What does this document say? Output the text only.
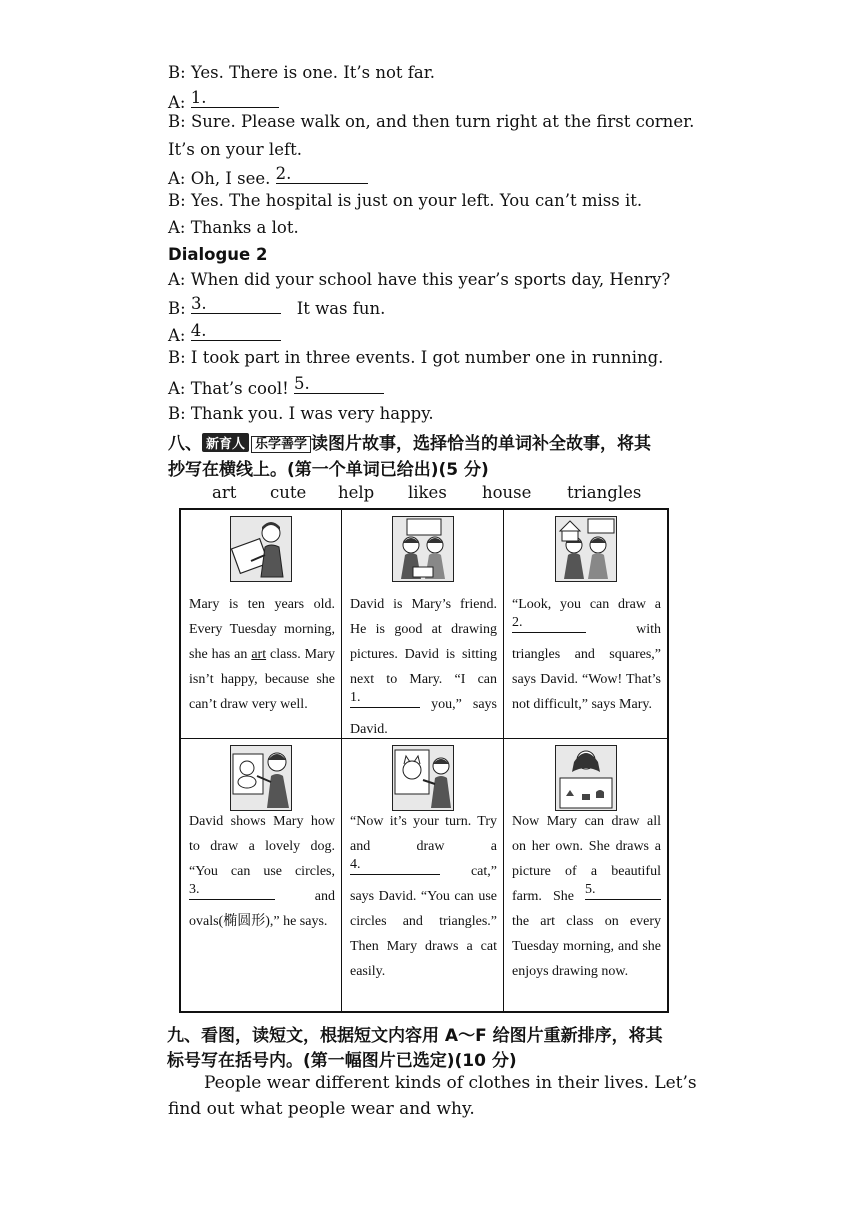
B: Yes. There is one. It’s not far.
A: 1.
B: Sure. Please walk on, and then turn right at the first corner.
It’s on your left.
A: Oh, I see. 2.
B: Yes. The hospital is just on your left. You can’t miss it.
A: Thanks a lot.
Dialogue 2
A: When did your school have this year’s sports day, Henry?
B: 3.	It was fun.
A: 4.
B: I took part in three events. I got number one in running.
A: That’s cool! 5.
B: Thank you. I was very happy.
八、 新育人 乐学善学 读图片故事，选择恰当的单词补全故事，将其
抄写在横线上。(第一个单词已给出)(5 分)
art cute help likes house triangles
Mary is ten years old. Every Tuesday morning, she has an art class. Mary isn’t happy, because she can’t draw very well.
David is Mary’s friend. He is good at drawing pictures. David is sitting next to Mary. “I can
1.	you,” says David.
“Look, you can draw a
2.	with triangles and squares,” says David. “Wow! That’s not difficult,” says Mary.
David shows Mary how to draw a lovely dog. “You can use circles,
3.	and ovals(椭圆形),” he says.
“Now it’s your turn. Try and draw a
4.	cat,” says David. “You can use circles and triangles.” Then Mary draws a cat easily.
Now Mary can draw all on her own. She draws a picture of a beautiful farm. She 5.
the art class on every Tuesday morning, and she enjoys drawing now.
九、看图，读短文，根据短文内容用 A～F 给图片重新排序，将其
标号写在括号内。(第一幅图片已选定)(10 分)
People wear different kinds of clothes in their lives. Let’s
find out what people wear and why.
